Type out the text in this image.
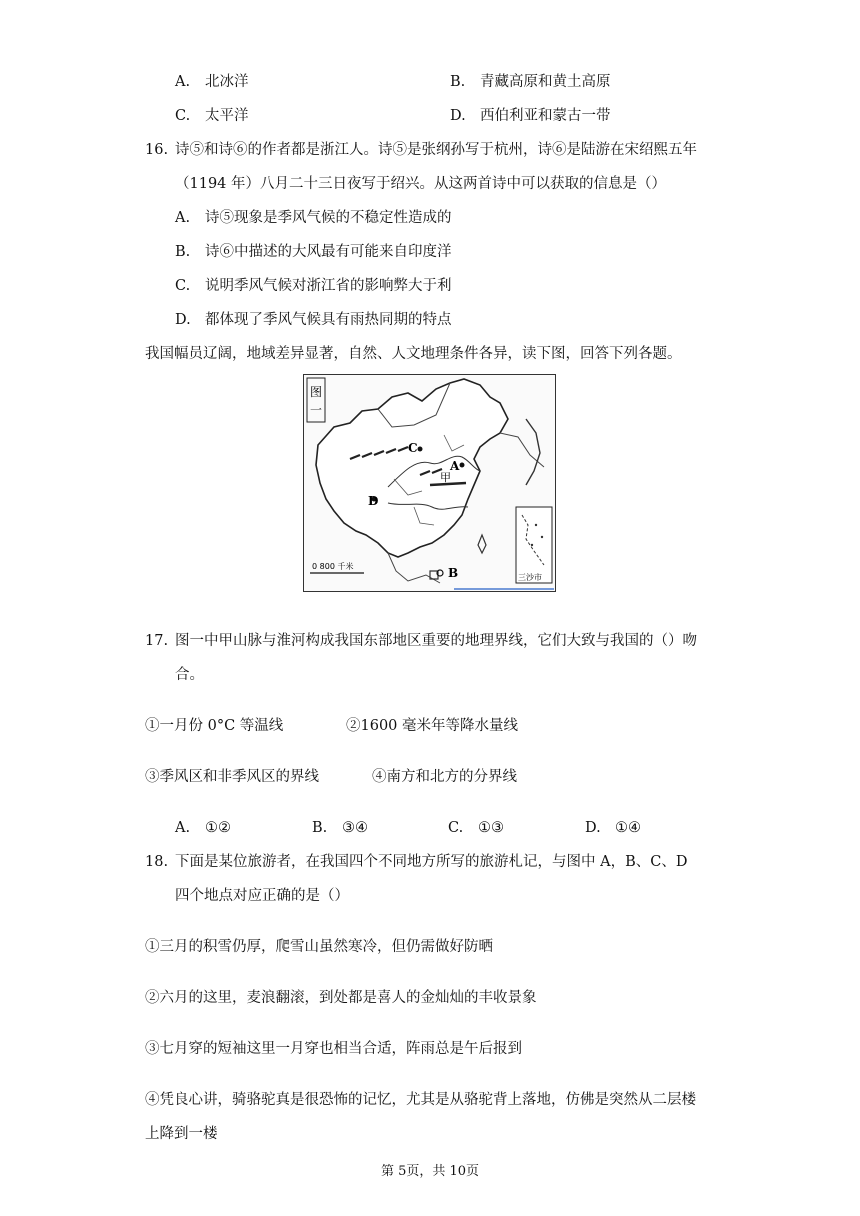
A. 北冰洋	B. 青藏高原和黄土高原
C. 太平洋	D. 西伯利亚和蒙古一带
16. 诗⑤和诗⑥的作者都是浙江人。诗⑤是张纲孙写于杭州，诗⑥是陆游在宋绍熙五年
（1194 年）八月二十三日夜写于绍兴。从这两首诗中可以获取的信息是（）
A. 诗⑤现象是季风气候的不稳定性造成的
B. 诗⑥中描述的大风最有可能来自印度洋
C. 说明季风气候对浙江省的影响弊大于利
D. 都体现了季风气候具有雨热同期的特点
我国幅员辽阔，地域差异显著，自然、人文地理条件各异，读下图，回答下列各题。
图
一
C
A
D
甲
B
0 800 千米
三沙市
17. 图一中甲山脉与淮河构成我国东部地区重要的地理界线，它们大致与我国的（）吻
合。
①一月份 0°C 等温线	②1600 毫米年等降水量线
③季风区和非季风区的界线	④南方和北方的分界线
A. ①②	B. ③④	C. ①③	D. ①④
18. 下面是某位旅游者，在我国四个不同地方所写的旅游札记，与图中 A，B、C、D
四个地点对应正确的是（）
①三月的积雪仍厚，爬雪山虽然寒冷，但仍需做好防晒
②六月的这里，麦浪翻滚，到处都是喜人的金灿灿的丰收景象
③七月穿的短袖这里一月穿也相当合适，阵雨总是午后报到
④凭良心讲，骑骆驼真是很恐怖的记忆，尤其是从骆驼背上落地，仿佛是突然从二层楼
上降到一楼
第 5页，共 10页
